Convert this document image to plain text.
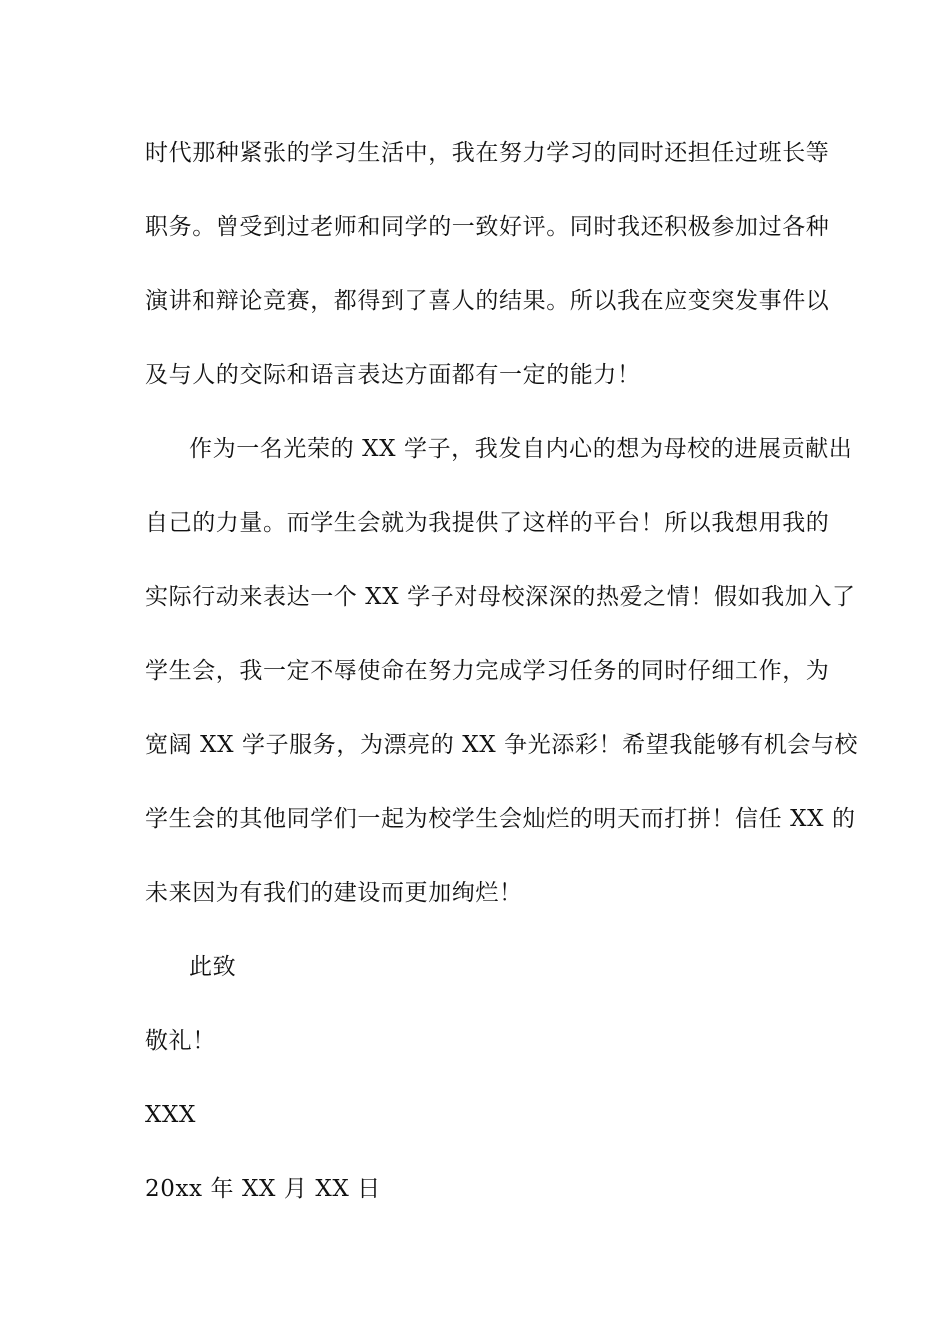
时代那种紧张的学习生活中，我在努力学习的同时还担任过班长等
职务。曾受到过老师和同学的一致好评。同时我还积极参加过各种
演讲和辩论竞赛，都得到了喜人的结果。所以我在应变突发事件以
及与人的交际和语言表达方面都有一定的能力！
作为一名光荣的 XX 学子，我发自内心的想为母校的进展贡献出
自己的力量。而学生会就为我提供了这样的平台！所以我想用我的
实际行动来表达一个 XX 学子对母校深深的热爱之情！假如我加入了
学生会，我一定不辱使命在努力完成学习任务的同时仔细工作，为
宽阔 XX 学子服务，为漂亮的 XX 争光添彩！希望我能够有机会与校
学生会的其他同学们一起为校学生会灿烂的明天而打拼！信任 XX 的
未来因为有我们的建设而更加绚烂！
此致
敬礼！
XXX
20xx 年 XX 月 XX 日
